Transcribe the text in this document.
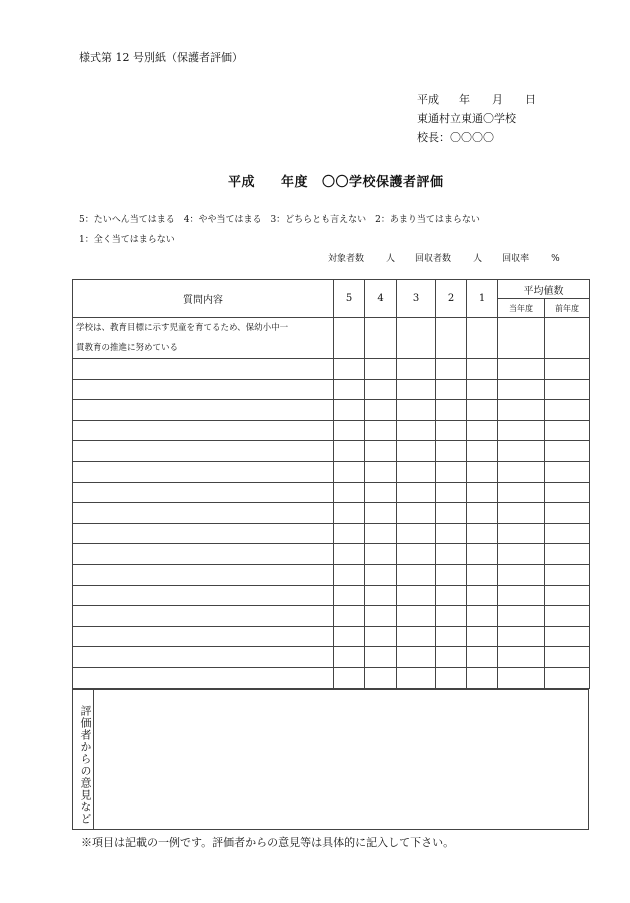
様式第 12 号別紙（保護者評価）
平成 年 月 日
東通村立東通〇学校
校長：〇〇〇〇
平成 年度 〇〇学校保護者評価
5：たいへん当てはまる　4：やや当てはまる　3：どちらとも言えない　2：あまり当てはまらない
1：全く当てはまらない
対象者数 人 回収者数 人 回収率 %
質問内容	5	4	3	2	1	平均値数	
						当年度	前年度

学校は、教育目標に示す児童を育てるため、保幼小中一
貫教育の推進に努めている							

評価者からの意見など	
※項目は記載の一例です。評価者からの意見等は具体的に記入して下さい。
